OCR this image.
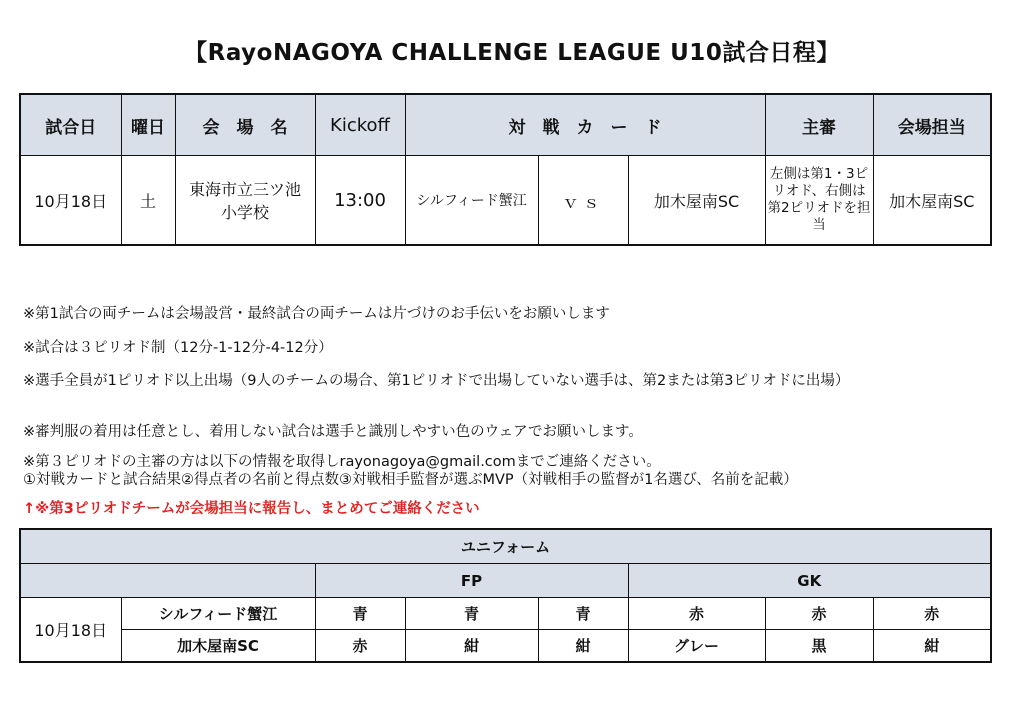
【RayoNAGOYA CHALLENGE LEAGUE U10試合日程】
試合日	曜日	会　場　名	Kickoff	対　戦　カ　ー　ド			主審	会場担当
10月18日	土	東海市立三ツ池小学校	13:00	シルフィード蟹江	ｖｓ	加木屋南SC	左側は第1・3ピリオド、右側は第2ピリオドを担当	加木屋南SC

※第1試合の両チームは会場設営・最終試合の両チームは片づけのお手伝いをお願いします

※試合は３ピリオド制（12分-1-12分-4-12分）

※選手全員が1ピリオド以上出場（9人のチームの場合、第1ピリオドで出場していない選手は、第2または第3ピリオドに出場）

※審判服の着用は任意とし、着用しない試合は選手と識別しやすい色のウェアでお願いします。

※第３ピリオドの主審の方は以下の情報を取得しrayonagoya@gmail.comまでご連絡ください。

①対戦カードと試合結果②得点者の名前と得点数③対戦相手監督が選ぶMVP（対戦相手の監督が1名選び、名前を記載）

↑※第3ピリオドチームが会場担当に報告し、まとめてご連絡ください

ユニフォーム							
		FP			GK		
10月18日	シルフィード蟹江	青	青	青	赤	赤	赤
	加木屋南SC	赤	紺	紺	グレー	黒	紺
